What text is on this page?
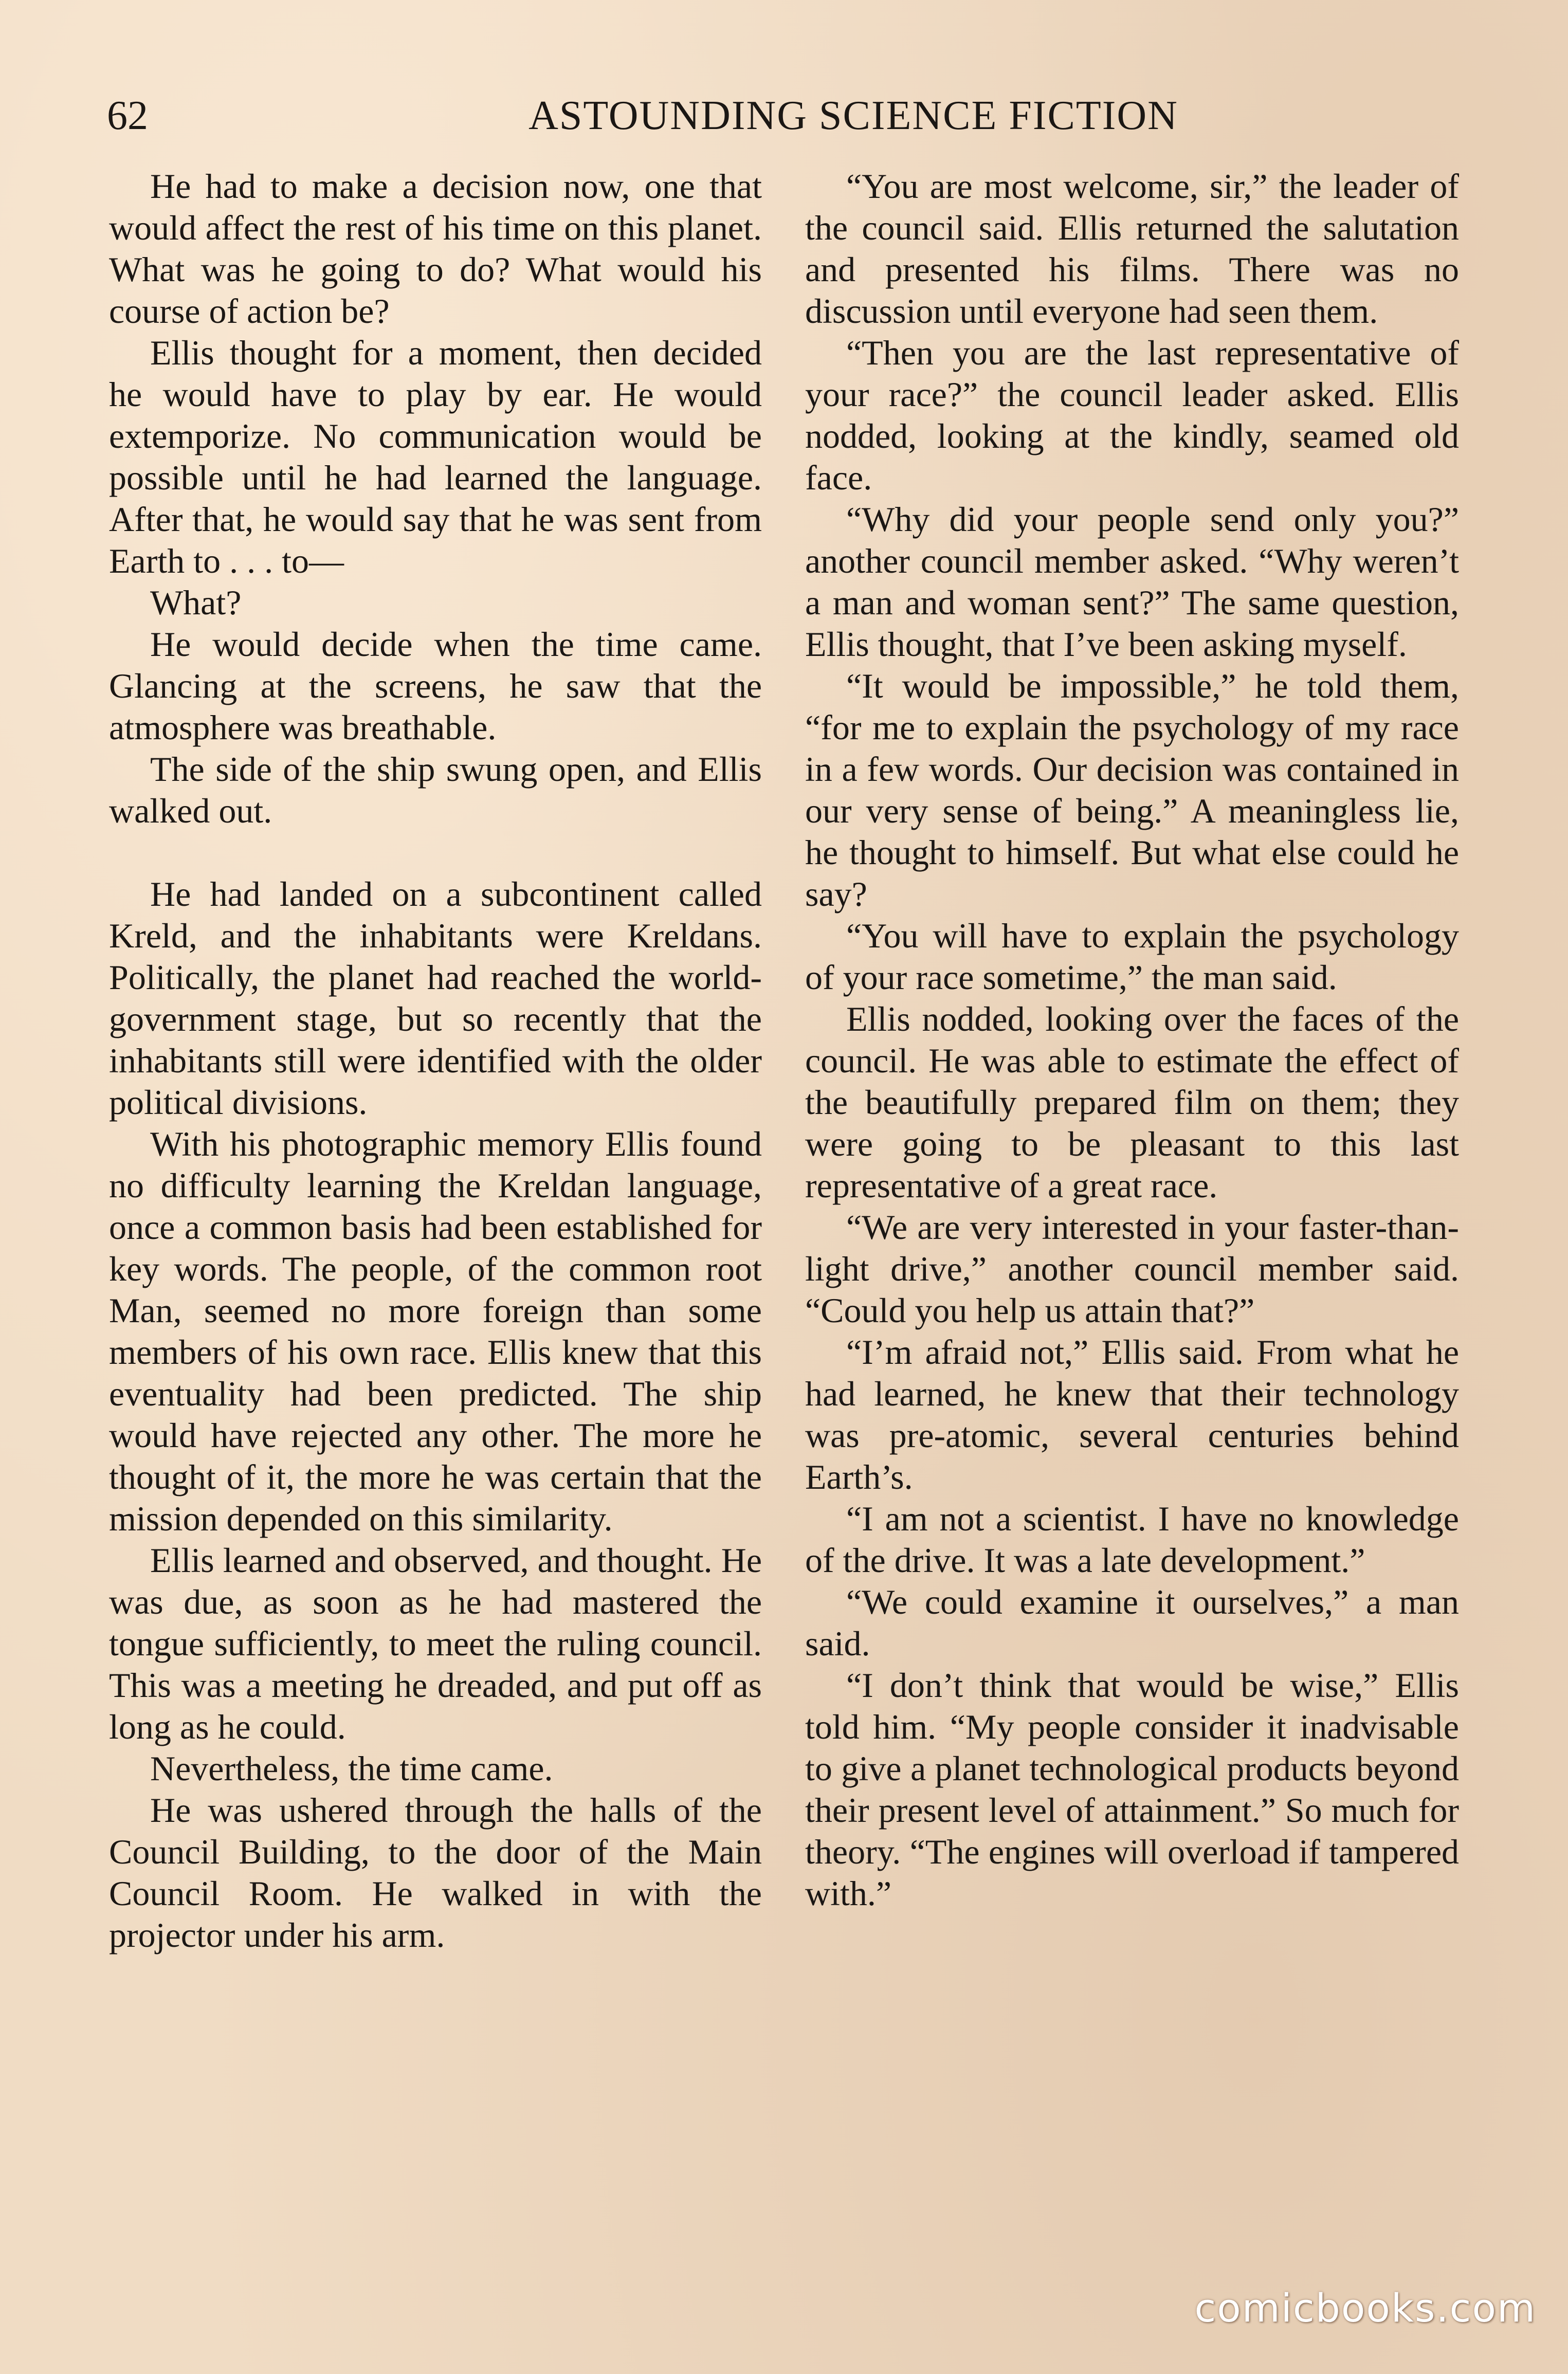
62	ASTOUNDING SCIENCE FICTION

He had to make a decision now, one that would affect the rest of his time on this planet. What was he going to do? What would his course of action be?

Ellis thought for a moment, then decided he would have to play by ear. He would extemporize. No communication would be possible until he had learned the language. After that, he would say that he was sent from Earth to . . . to—

What?

He would decide when the time came. Glancing at the screens, he saw that the atmosphere was breathable.

The side of the ship swung open, and Ellis walked out.

He had landed on a subcontinent called Kreld, and the inhabitants were Kreldans. Politically, the planet had reached the world-government stage, but so recently that the inhabitants still were identified with the older political divisions.

With his photographic memory Ellis found no difficulty learning the Kreldan language, once a common basis had been established for key words. The people, of the common root Man, seemed no more foreign than some members of his own race. Ellis knew that this eventuality had been predicted. The ship would have rejected any other. The more he thought of it, the more he was certain that the mission depended on this similarity.

Ellis learned and observed, and thought. He was due, as soon as he had mastered the tongue sufficiently, to meet the ruling council. This was a meeting he dreaded, and put off as long as he could.

Nevertheless, the time came.

He was ushered through the halls of the Council Building, to the door of the Main Council Room. He walked in with the projector under his arm.

“You are most welcome, sir,” the leader of the council said. Ellis returned the salutation and presented his films. There was no discussion until everyone had seen them.

“Then you are the last representative of your race?” the council leader asked. Ellis nodded, looking at the kindly, seamed old face.

“Why did your people send only you?” another council member asked. “Why weren’t a man and woman sent?” The same question, Ellis thought, that I’ve been asking myself.

“It would be impossible,” he told them, “for me to explain the psychology of my race in a few words. Our decision was contained in our very sense of being.” A meaningless lie, he thought to himself. But what else could he say?

“You will have to explain the psychology of your race sometime,” the man said.

Ellis nodded, looking over the faces of the council. He was able to estimate the effect of the beautifully prepared film on them; they were going to be pleasant to this last representative of a great race.

“We are very interested in your faster-than-light drive,” another council member said. “Could you help us attain that?”

“I’m afraid not,” Ellis said. From what he had learned, he knew that their technology was pre-atomic, several centuries behind Earth’s.

“I am not a scientist. I have no knowledge of the drive. It was a late development.”

“We could examine it ourselves,” a man said.

“I don’t think that would be wise,” Ellis told him. “My people consider it inadvisable to give a planet technological products beyond their present level of attainment.” So much for theory. “The engines will overload if tampered with.”

comicbooks.com
